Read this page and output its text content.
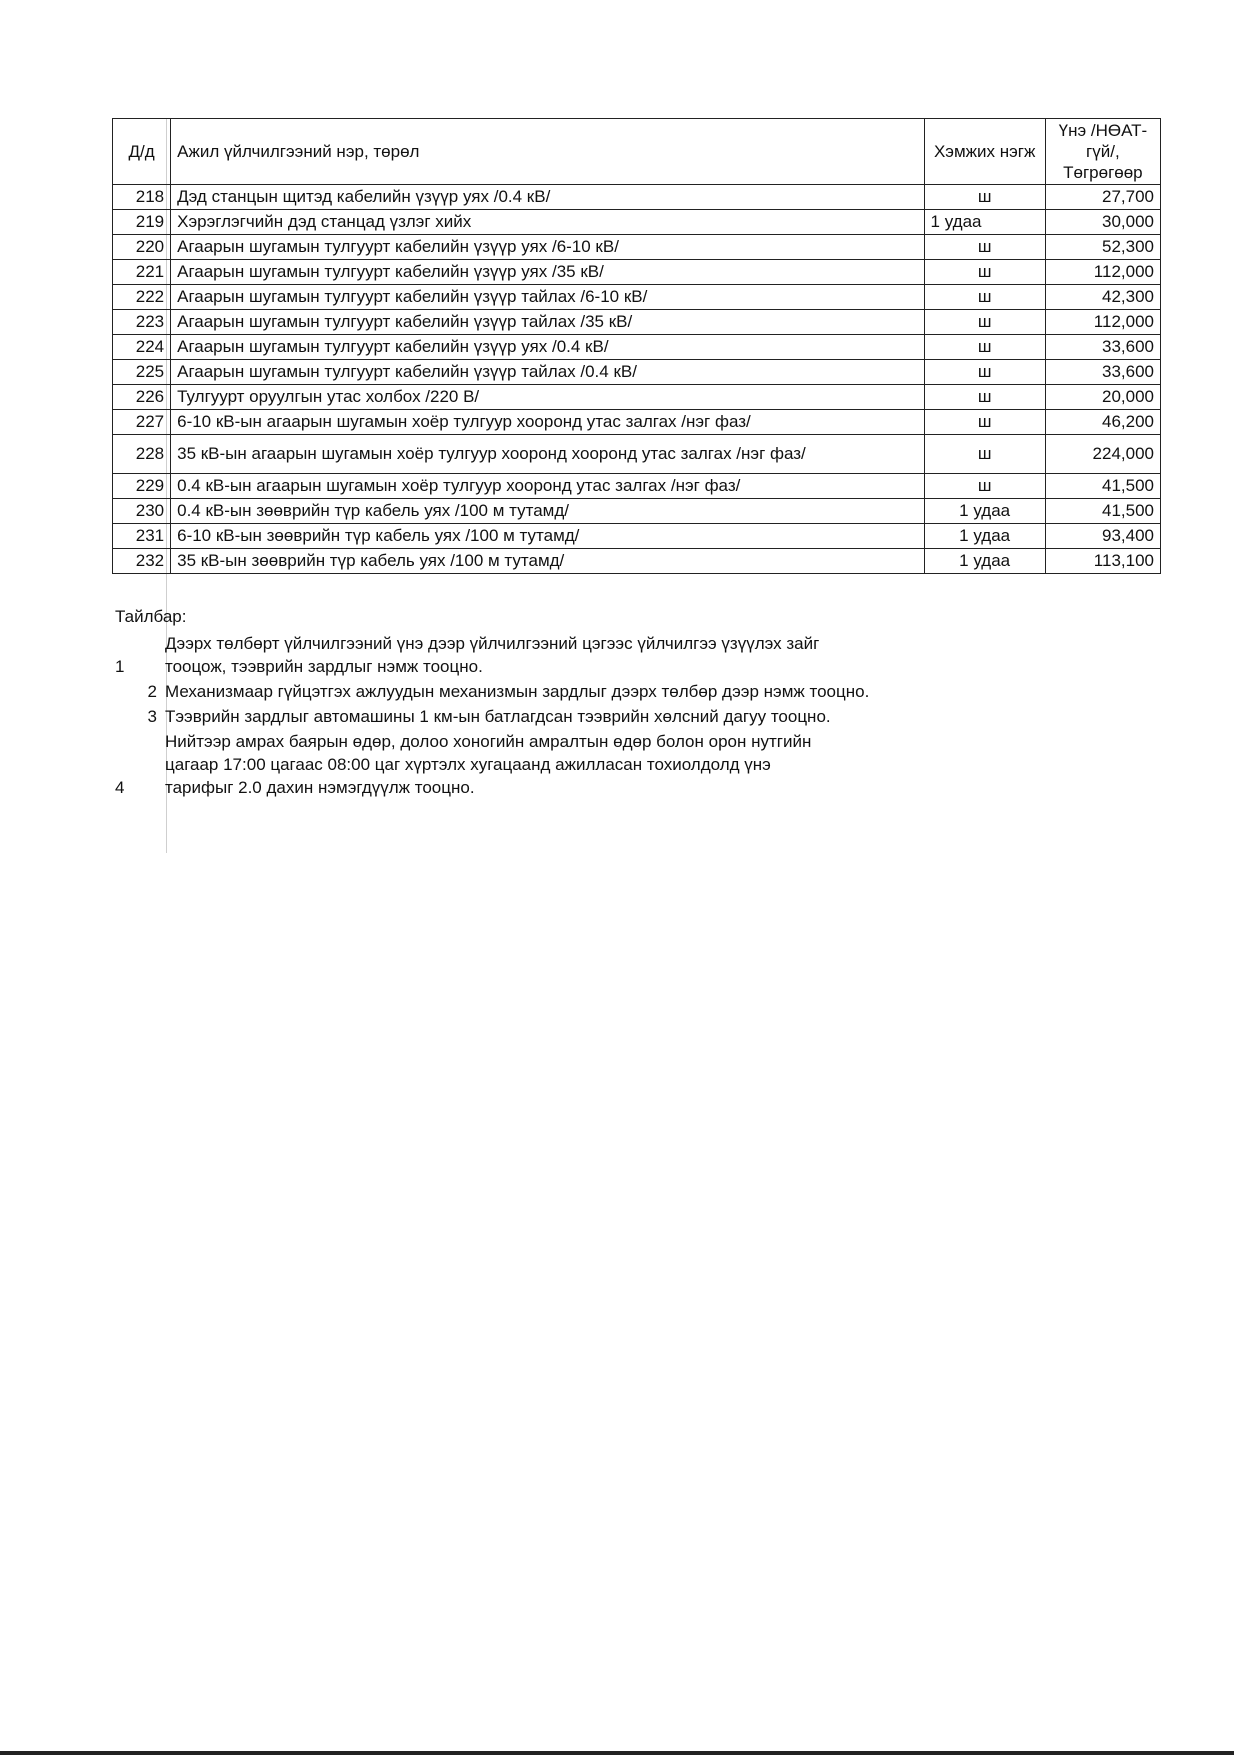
Д/д	Ажил үйлчилгээний нэр, төрөл	Хэмжих нэгж	Үнэ /НӨАТ-
гүй/,
Төгрөгөөр
218	Дэд станцын щитэд кабелийн үзүүр уях /0.4 кВ/	ш	27,700
219	Хэрэглэгчийн дэд станцад үзлэг хийх	1 удаа	30,000
220	Агаарын шугамын тулгуурт кабелийн үзүүр уях /6-10 кВ/	ш	52,300
221	Агаарын шугамын тулгуурт кабелийн үзүүр уях /35 кВ/	ш	112,000
222	Агаарын шугамын тулгуурт кабелийн үзүүр тайлах /6-10 кВ/	ш	42,300
223	Агаарын шугамын тулгуурт кабелийн үзүүр тайлах /35 кВ/	ш	112,000
224	Агаарын шугамын тулгуурт кабелийн үзүүр уях /0.4 кВ/	ш	33,600
225	Агаарын шугамын тулгуурт кабелийн үзүүр тайлах /0.4 кВ/	ш	33,600
226	Тулгуурт оруулгын утас холбох /220 В/	ш	20,000
227	6-10 кВ-ын агаарын шугамын хоёр тулгуур хооронд утас залгах /нэг фаз/	ш	46,200
228	35 кВ-ын агаарын шугамын хоёр тулгуур хооронд хооронд утас залгах /нэг фаз/	ш	224,000
229	0.4 кВ-ын агаарын шугамын хоёр тулгуур хооронд утас залгах /нэг фаз/	ш	41,500
230	0.4 кВ-ын зөөврийн түр кабель уях /100 м тутамд/	1 удаа	41,500
231	6-10 кВ-ын зөөврийн түр кабель уях /100 м тутамд/	1 удаа	93,400
232	35 кВ-ын зөөврийн түр кабель уях /100 м тутамд/	1 удаа	113,100
Тайлбар:
1
Дээрх төлбөрт үйлчилгээний үнэ дээр үйлчилгээний цэгээс үйлчилгээ үзүүлэх зайг
тооцож, тээврийн зардлыг нэмж тооцно.
2 Механизмаар гүйцэтгэх ажлуудын механизмын зардлыг дээрх төлбөр дээр нэмж тооцно.
3 Тээврийн зардлыг автомашины 1 км-ын батлагдсан тээврийн хөлсний дагуу тооцно.
4
Нийтээр амрах баярын өдөр, долоо хоногийн амралтын өдөр болон орон нутгийн
цагаар 17:00 цагаас 08:00 цаг хүртэлх хугацаанд ажилласан тохиолдолд үнэ
тарифыг 2.0 дахин нэмэгдүүлж тооцно.
